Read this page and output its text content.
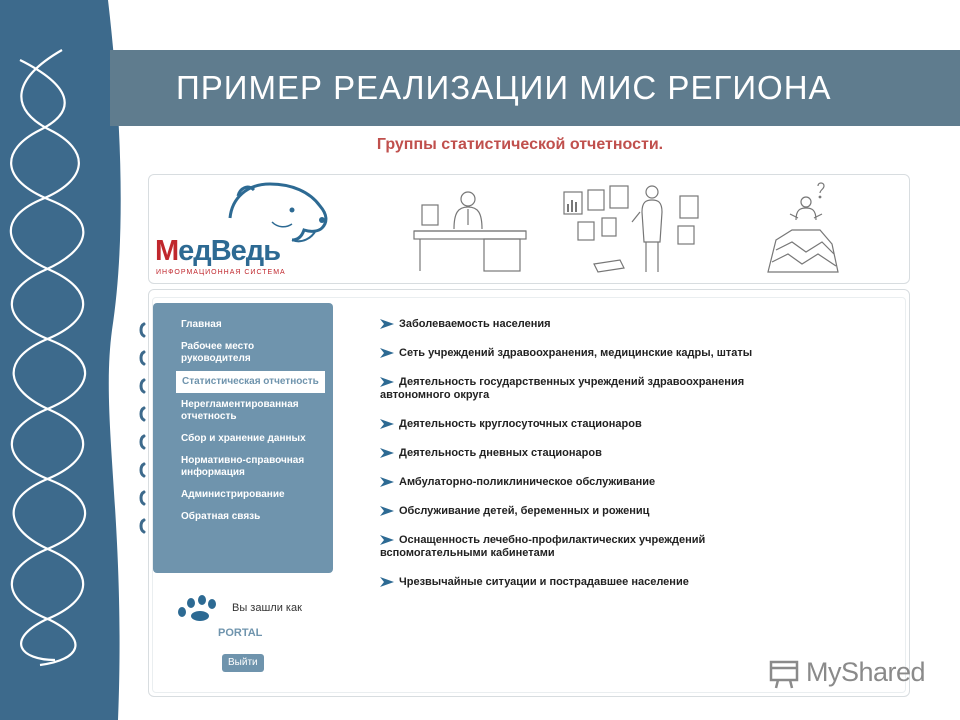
ПРИМЕР РЕАЛИЗАЦИИ МИС РЕГИОНА
Группы статистической отчетности.
МедВедь
ИНФОРМАЦИОННАЯ СИСТЕМА
Главная
Рабочее место руководителя
Статистическая отчетность
Нерегламентированная отчетность
Сбор и хранение данных
Нормативно-справочная информация
Администрирование
Обратная связь
Вы зашли как
PORTAL
Выйти
Заболеваемость населения
Сеть учреждений здравоохранения, медицинские кадры, штаты
Деятельность государственных учреждений здравоохранения автономного округа
Деятельность круглосуточных стационаров
Деятельность дневных стационаров
Амбулаторно-поликлиническое обслуживание
Обслуживание детей, беременных и рожениц
Оснащенность лечебно-профилактических учреждений вспомогательными кабинетами
Чрезвычайные ситуации и пострадавшее население
MyShared
